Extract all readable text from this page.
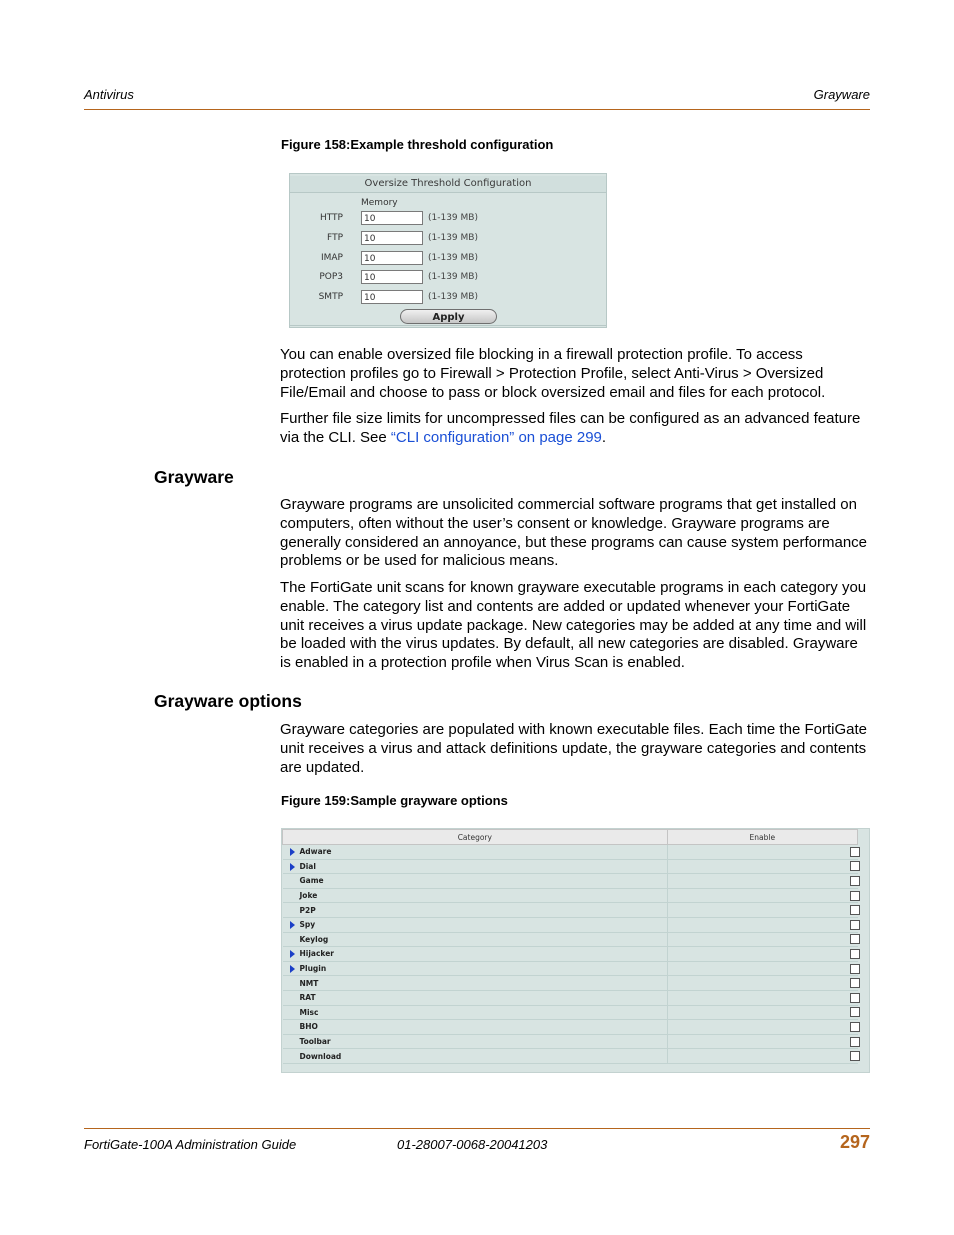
Antivirus	Grayware
Figure 158:Example threshold configuration
Oversize Threshold Configuration
Memory
HTTP	10	(1-139 MB)
FTP	10	(1-139 MB)
IMAP	10	(1-139 MB)
POP3	10	(1-139 MB)
SMTP	10	(1-139 MB)
Apply

You can enable oversized file blocking in a firewall protection profile. To access protection profiles go to Firewall > Protection Profile, select Anti-Virus > Oversized File/Email and choose to pass or block oversized email and files for each protocol.

Further file size limits for uncompressed files can be configured as an advanced feature via the CLI. See “CLI configuration” on page 299.

Grayware

Grayware programs are unsolicited commercial software programs that get installed on computers, often without the user’s consent or knowledge. Grayware programs are generally considered an annoyance, but these programs can cause system performance problems or be used for malicious means.

The FortiGate unit scans for known grayware executable programs in each category you enable. The category list and contents are added or updated whenever your FortiGate unit receives a virus update package. New categories may be added at any time and will be loaded with the virus updates. By default, all new categories are disabled. Grayware is enabled in a protection profile when Virus Scan is enabled.

Grayware options

Grayware categories are populated with known executable files. Each time the FortiGate unit receives a virus and attack definitions update, the grayware categories and contents are updated.

Figure 159:Sample grayware options
Category	Enable

Adware	

Dial	
Game	
Joke	
P2P	

Spy	
Keylog	

Hijacker	

Plugin	
NMT	
RAT	
Misc	
BHO	
Toolbar	
Download	
FortiGate-100A Administration Guide	01-28007-0068-20041203	297
